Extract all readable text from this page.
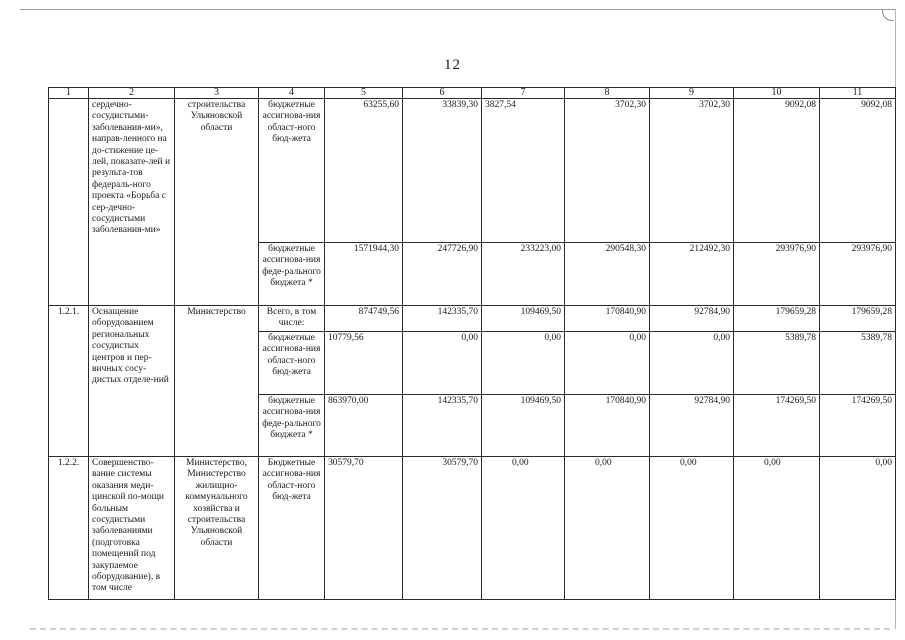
12
1	2	3	4	5	6	7	8	9	10	11
	сердечно-сосудистыми-заболевания-ми», направ-ленного на до-стижение це-лей, показате-лей и результа-тов федераль-ного проекта «Борьба с сер-дечно-сосудистыми заболевания-ми»	строительства Ульяновской области	бюджетные ассигнова-ния област-ного бюд-жета	63255,60	33839,30	3827,54	3702,30	3702,30	9092,08	9092,08
			бюджетные ассигнова-ния феде-рального бюджета *	1571944,30	247726,90	233223,00	290548,30	212492,30	293976,90	293976,90
1.2.1.	Оснащение оборудованием региональных сосудистых центров и пер-вичных сосу-дистых отделе-ний	Министерство	Всего, в том числе:	874749,56	142335,70	109469,50	170840,90	92784,90	179659,28	179659,28
			бюджетные ассигнова-ния област-ного бюд-жета	10779,56	0,00	0,00	0,00	0,00	5389,78	5389,78
			бюджетные ассигнова-ния феде-рального бюджета *	863970,00	142335,70	109469,50	170840,90	92784,90	174269,50	174269,50
1.2.2.	Совершенство-вание системы оказания меди-цинской по-мощи больным сосудистыми заболеваниями (подготовка помещений под закупаемое оборудование), в том числе	Министерство, Министерство жилищно-коммунального хозяйства и строительства Ульяновской области	Бюджетные ассигнова-ния област-ного бюд-жета	30579,70	30579,70	0,00	0,00	0,00	0,00	0,00
